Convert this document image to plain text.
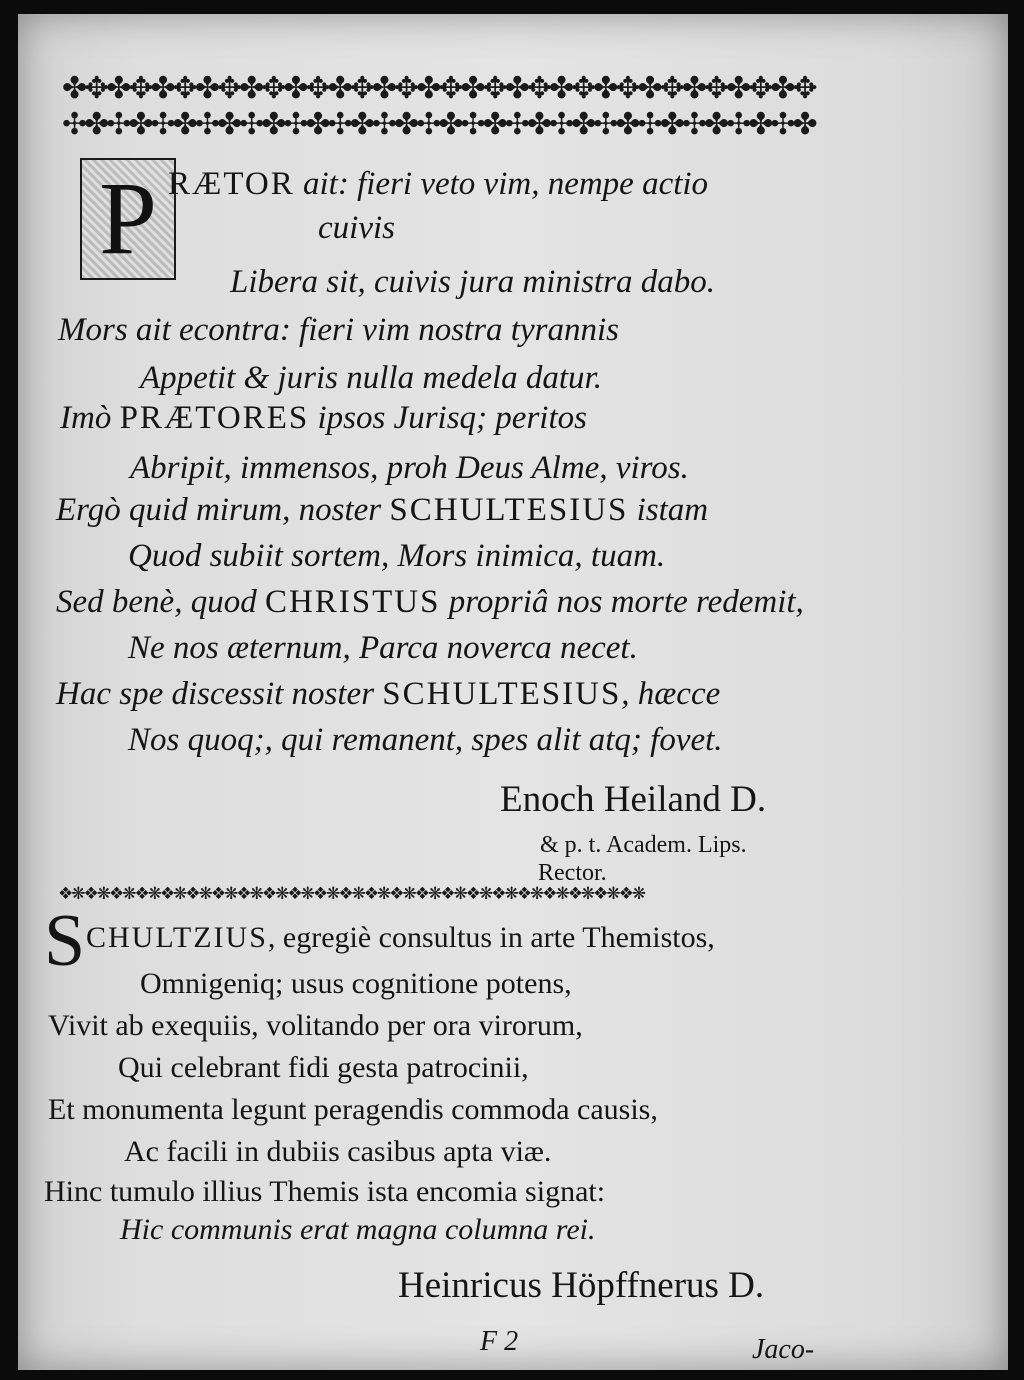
✤✥✤✥✤✥✤✥✤✥✤✥✤✥✤✥✤✥✤✥✤✥✤✥✤✥✤✥✤✥✤✥✤✥
✣✤✣✤✣✤✣✤✣✤✣✤✣✤✣✤✣✤✣✤✣✤✣✤✣✤✣✤✣✤✣✤✣✤
P RÆTOR ait: fieri veto vim, nempe actio
cuivis
Libera sit, cuivis jura ministra dabo.
Mors ait econtra: fieri vim nostra tyrannis
Appetit & juris nulla medela datur.
Imò PRÆTORES ipsos Jurisq; peritos
Abripit, immensos, proh Deus Alme, viros.
Ergò quid mirum, noster SCHULTESIUS istam
Quod subiit sortem, Mors inimica, tuam.
Sed benè, quod CHRISTUS propriâ nos morte redemit,
Ne nos æternum, Parca noverca necet.
Hac spe discessit noster SCHULTESIUS, hæcce
Nos quoq;, qui remanent, spes alit atq; fovet.
Enoch Heiland D.
& p. t. Academ. Lips.
Rector.
❖❋❖❋❖❋❖❋❖❋❖❋❖❋❖❋❖❋❖❋❖❋❖❋❖❋❖❋❖❋❖❋❖❋❖❋❖❋❖❋❖❋❖❋❖❋
S CHULTZIUS, egregiè consultus in arte Themistos,
Omnigeniq; usus cognitione potens,
Vivit ab exequiis, volitando per ora virorum,
Qui celebrant fidi gesta patrocinii,
Et monumenta legunt peragendis commoda causis,
Ac facili in dubiis casibus apta viæ.
Hinc tumulo illius Themis ista encomia signat:
Hic communis erat magna columna rei.
Heinricus Höpffnerus D.
F 2	Jaco-
